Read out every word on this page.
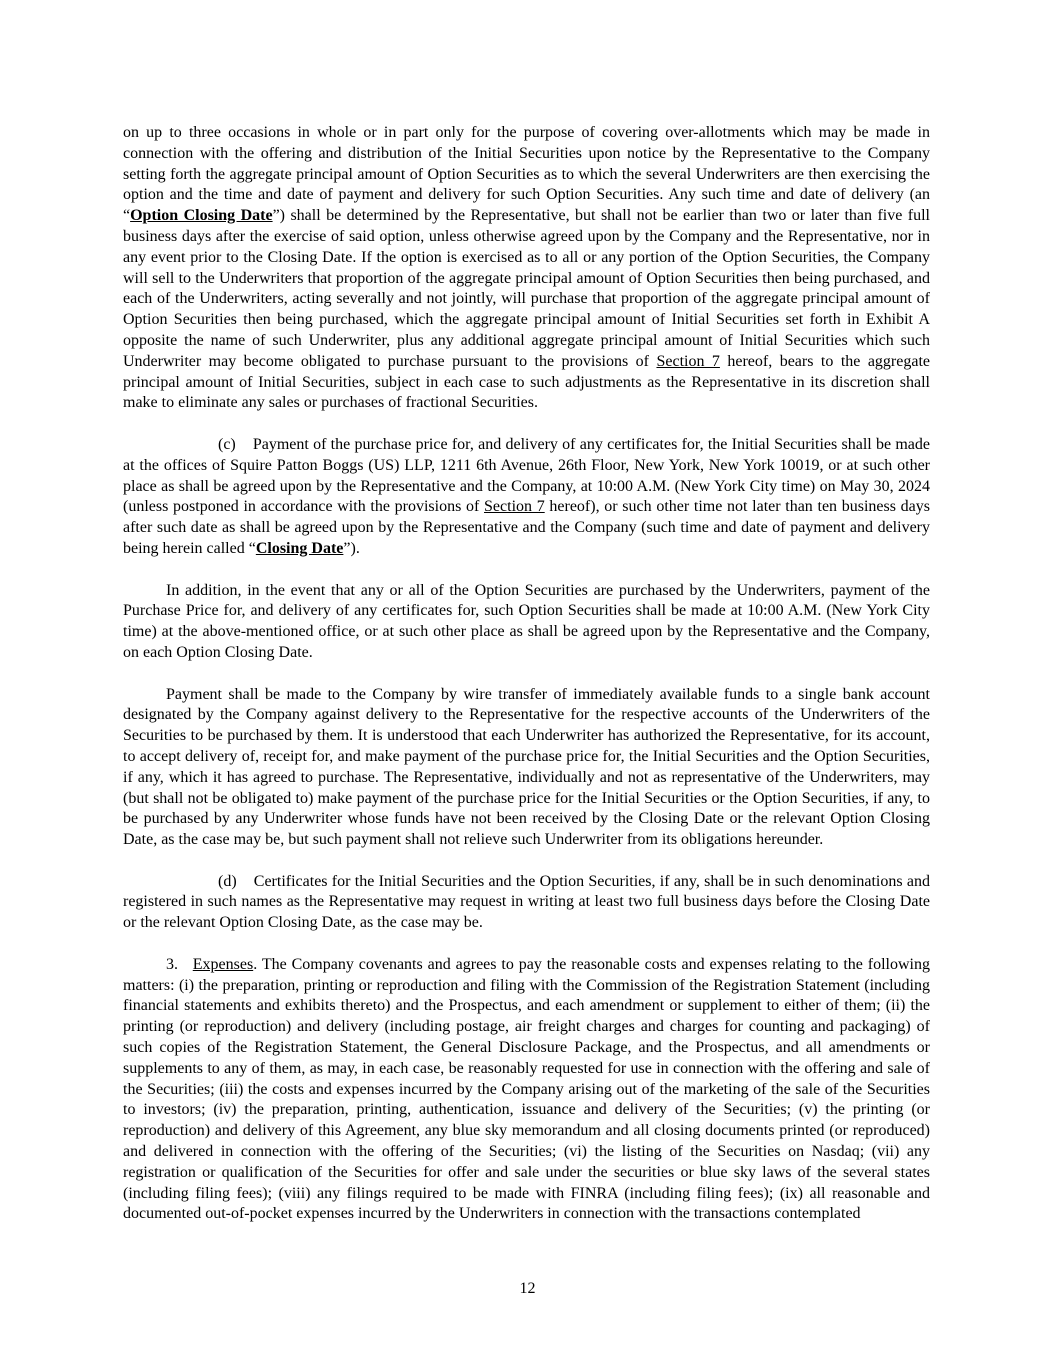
on up to three occasions in whole or in part only for the purpose of covering over-allotments which may be made in connection with the offering and distribution of the Initial Securities upon notice by the Representative to the Company setting forth the aggregate principal amount of Option Securities as to which the several Underwriters are then exercising the option and the time and date of payment and delivery for such Option Securities. Any such time and date of delivery (an “Option Closing Date”) shall be determined by the Representative, but shall not be earlier than two or later than five full business days after the exercise of said option, unless otherwise agreed upon by the Company and the Representative, nor in any event prior to the Closing Date. If the option is exercised as to all or any portion of the Option Securities, the Company will sell to the Underwriters that proportion of the aggregate principal amount of Option Securities then being purchased, and each of the Underwriters, acting severally and not jointly, will purchase that proportion of the aggregate principal amount of Option Securities then being purchased, which the aggregate principal amount of Initial Securities set forth in Exhibit A opposite the name of such Underwriter, plus any additional aggregate principal amount of Initial Securities which such Underwriter may become obligated to purchase pursuant to the provisions of Section 7 hereof, bears to the aggregate principal amount of Initial Securities, subject in each case to such adjustments as the Representative in its discretion shall make to eliminate any sales or purchases of fractional Securities.

(c)    Payment of the purchase price for, and delivery of any certificates for, the Initial Securities shall be made at the offices of Squire Patton Boggs (US) LLP, 1211 6th Avenue, 26th Floor, New York, New York 10019, or at such other place as shall be agreed upon by the Representative and the Company, at 10:00 A.M. (New York City time) on May 30, 2024 (unless postponed in accordance with the provisions of Section 7 hereof), or such other time not later than ten business days after such date as shall be agreed upon by the Representative and the Company (such time and date of payment and delivery being herein called “Closing Date”).

In addition, in the event that any or all of the Option Securities are purchased by the Underwriters, payment of the Purchase Price for, and delivery of any certificates for, such Option Securities shall be made at 10:00 A.M. (New York City time) at the above-mentioned office, or at such other place as shall be agreed upon by the Representative and the Company, on each Option Closing Date.

Payment shall be made to the Company by wire transfer of immediately available funds to a single bank account designated by the Company against delivery to the Representative for the respective accounts of the Underwriters of the Securities to be purchased by them. It is understood that each Underwriter has authorized the Representative, for its account, to accept delivery of, receipt for, and make payment of the purchase price for, the Initial Securities and the Option Securities, if any, which it has agreed to purchase. The Representative, individually and not as representative of the Underwriters, may (but shall not be obligated to) make payment of the purchase price for the Initial Securities or the Option Securities, if any, to be purchased by any Underwriter whose funds have not been received by the Closing Date or the relevant Option Closing Date, as the case may be, but such payment shall not relieve such Underwriter from its obligations hereunder.

(d)    Certificates for the Initial Securities and the Option Securities, if any, shall be in such denominations and registered in such names as the Representative may request in writing at least two full business days before the Closing Date or the relevant Option Closing Date, as the case may be.

3.   Expenses. The Company covenants and agrees to pay the reasonable costs and expenses relating to the following matters: (i) the preparation, printing or reproduction and filing with the Commission of the Registration Statement (including financial statements and exhibits thereto) and the Prospectus, and each amendment or supplement to either of them; (ii) the printing (or reproduction) and delivery (including postage, air freight charges and charges for counting and packaging) of such copies of the Registration Statement, the General Disclosure Package, and the Prospectus, and all amendments or supplements to any of them, as may, in each case, be reasonably requested for use in connection with the offering and sale of the Securities; (iii) the costs and expenses incurred by the Company arising out of the marketing of the sale of the Securities to investors; (iv) the preparation, printing, authentication, issuance and delivery of the Securities; (v) the printing (or reproduction) and delivery of this Agreement, any blue sky memorandum and all closing documents printed (or reproduced) and delivered in connection with the offering of the Securities; (vi) the listing of the Securities on Nasdaq; (vii) any registration or qualification of the Securities for offer and sale under the securities or blue sky laws of the several states (including filing fees); (viii) any filings required to be made with FINRA (including filing fees); (ix) all reasonable and documented out-of-pocket expenses incurred by the Underwriters in connection with the transactions contemplated

12
